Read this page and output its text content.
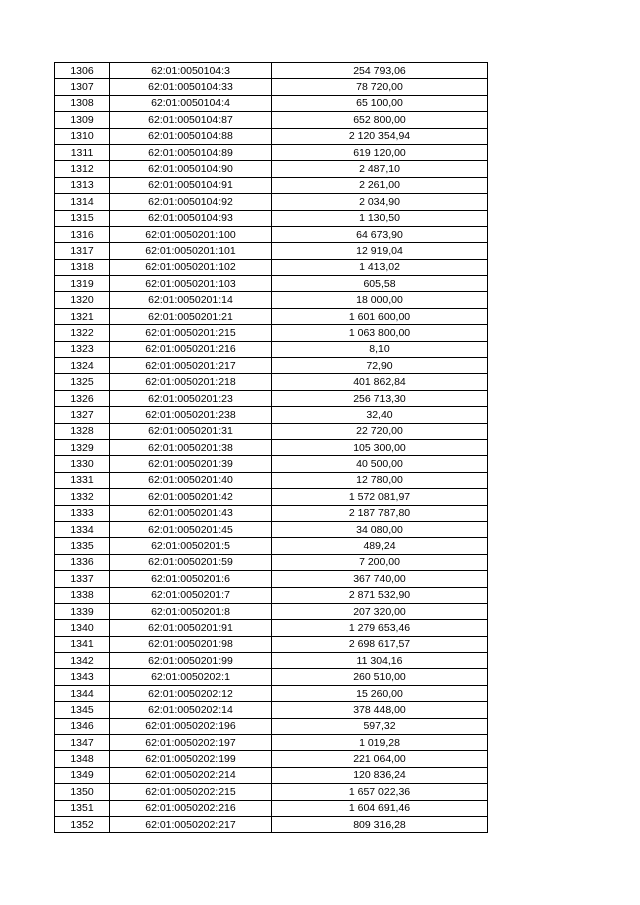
1306	62:01:0050104:3	254 793,06
1307	62:01:0050104:33	78 720,00
1308	62:01:0050104:4	65 100,00
1309	62:01:0050104:87	652 800,00
1310	62:01:0050104:88	2 120 354,94
1311	62:01:0050104:89	619 120,00
1312	62:01:0050104:90	2 487,10
1313	62:01:0050104:91	2 261,00
1314	62:01:0050104:92	2 034,90
1315	62:01:0050104:93	1 130,50
1316	62:01:0050201:100	64 673,90
1317	62:01:0050201:101	12 919,04
1318	62:01:0050201:102	1 413,02
1319	62:01:0050201:103	605,58
1320	62:01:0050201:14	18 000,00
1321	62:01:0050201:21	1 601 600,00
1322	62:01:0050201:215	1 063 800,00
1323	62:01:0050201:216	8,10
1324	62:01:0050201:217	72,90
1325	62:01:0050201:218	401 862,84
1326	62:01:0050201:23	256 713,30
1327	62:01:0050201:238	32,40
1328	62:01:0050201:31	22 720,00
1329	62:01:0050201:38	105 300,00
1330	62:01:0050201:39	40 500,00
1331	62:01:0050201:40	12 780,00
1332	62:01:0050201:42	1 572 081,97
1333	62:01:0050201:43	2 187 787,80
1334	62:01:0050201:45	34 080,00
1335	62:01:0050201:5	489,24
1336	62:01:0050201:59	7 200,00
1337	62:01:0050201:6	367 740,00
1338	62:01:0050201:7	2 871 532,90
1339	62:01:0050201:8	207 320,00
1340	62:01:0050201:91	1 279 653,46
1341	62:01:0050201:98	2 698 617,57
1342	62:01:0050201:99	11 304,16
1343	62:01:0050202:1	260 510,00
1344	62:01:0050202:12	15 260,00
1345	62:01:0050202:14	378 448,00
1346	62:01:0050202:196	597,32
1347	62:01:0050202:197	1 019,28
1348	62:01:0050202:199	221 064,00
1349	62:01:0050202:214	120 836,24
1350	62:01:0050202:215	1 657 022,36
1351	62:01:0050202:216	1 604 691,46
1352	62:01:0050202:217	809 316,28
